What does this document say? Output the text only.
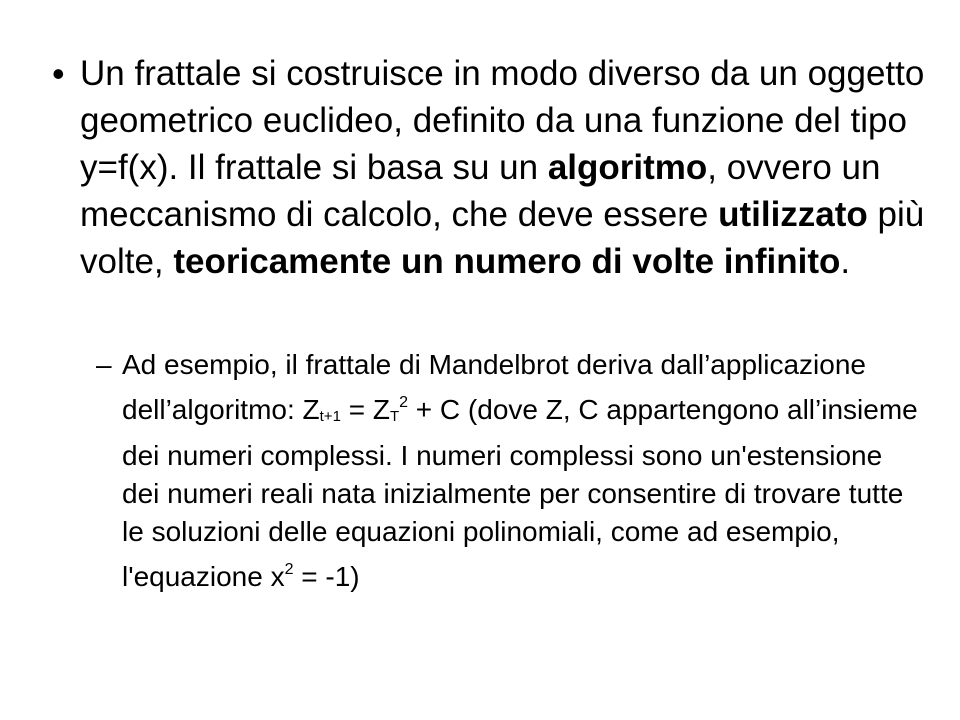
• Un frattale si costruisce in modo diverso da un oggetto geometrico euclideo, definito da una funzione del tipo y=f(x). Il frattale si basa su un algoritmo, ovvero un meccanismo di calcolo, che deve essere utilizzato più volte, teoricamente un numero di volte infinito.
– Ad esempio, il frattale di Mandelbrot deriva dall’applicazione dell’algoritmo: $Zt+1 = ZT^2 + C$ (dove Z, C appartengono all’insieme dei numeri complessi. I numeri complessi sono un'estensione dei numeri reali nata inizialmente per consentire di trovare tutte le soluzioni delle equazioni polinomiali, come ad esempio, l'equazione $x^2 = -1$)
